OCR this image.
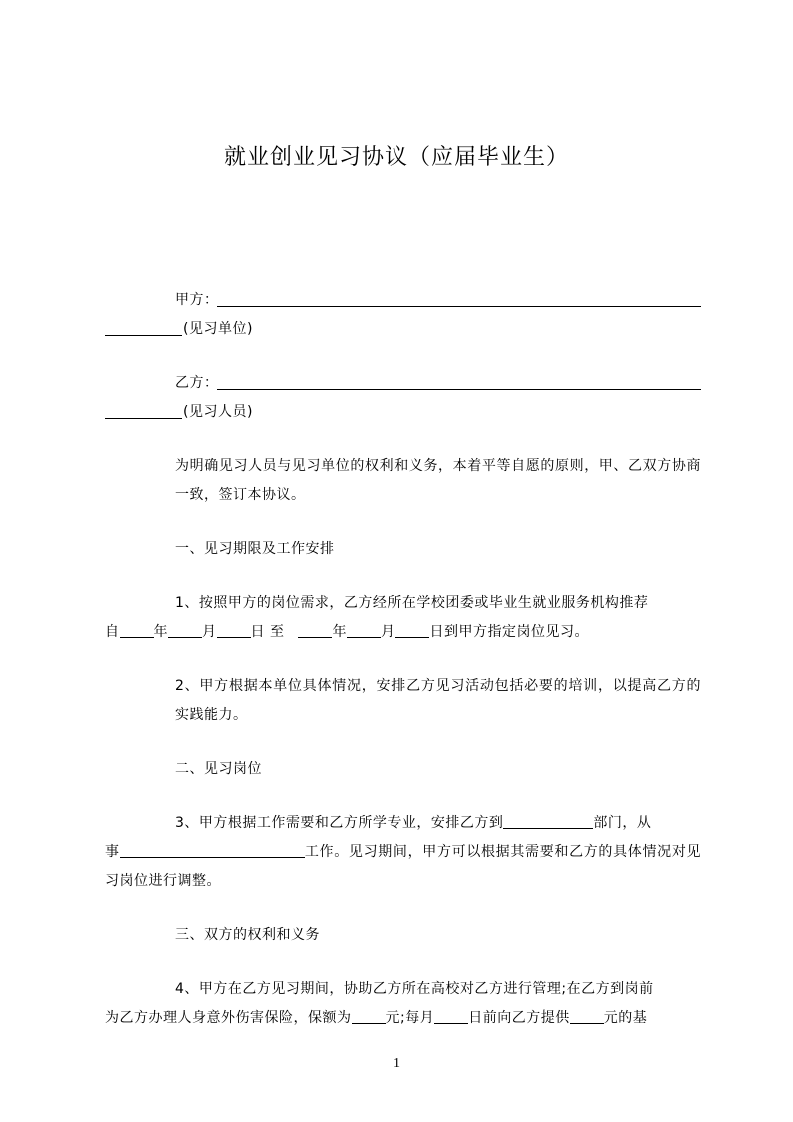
就业创业见习协议（应届毕业生）
甲方：
(见习单位)
乙方：
(见习人员)

为明确见习人员与见习单位的权利和义务，本着平等自愿的原则，甲、乙双方协商一致，签订本协议。

一、见习期限及工作安排

1、按照甲方的岗位需求，乙方经所在学校团委或毕业生就业服务机构推荐

自 年 月 日 至	年 月 日到甲方指定岗位见习。

2、甲方根据本单位具体情况，安排乙方见习活动包括必要的培训，以提高乙方的实践能力。

二、见习岗位

3、甲方根据工作需要和乙方所学专业，安排乙方到	部门，从

事	工作。见习期间，甲方可以根据其需要和乙方的具体情况对见习岗位进行调整。

三、双方的权利和义务

4、甲方在乙方见习期间，协助乙方所在高校对乙方进行管理;在乙方到岗前

为乙方办理人身意外伤害保险，保额为 元;每月 日前向乙方提供 元的基

1
